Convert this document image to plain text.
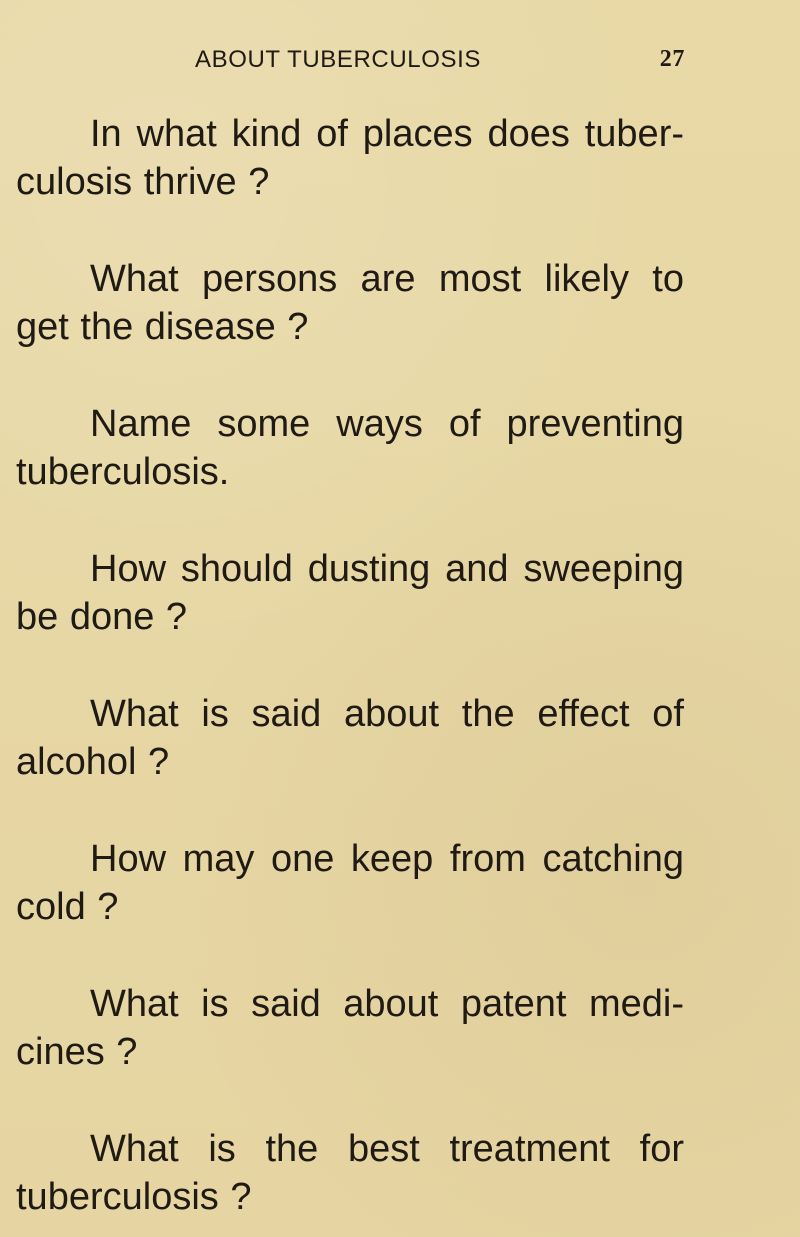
ABOUT TUBERCULOSIS	27

In what kind of places does tuber-culosis thrive ?

What persons are most likely to get the disease ?

Name some ways of preventing tuberculosis.

How should dusting and sweeping be done ?

What is said about the effect of alcohol ?

How may one keep from catching cold ?

What is said about patent medi-cines ?

What is the best treatment for tuberculosis ?
